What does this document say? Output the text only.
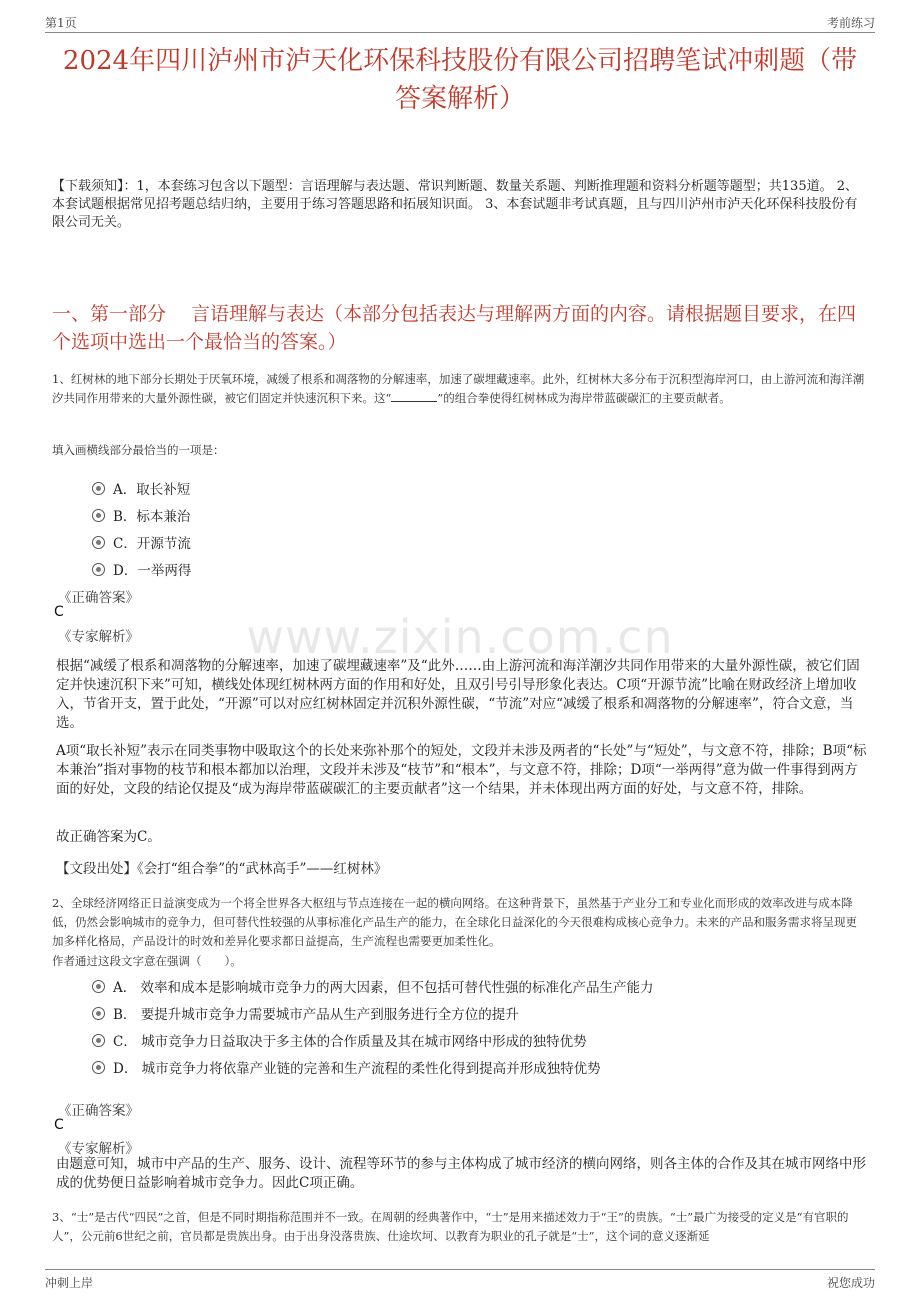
第1页	考前练习
2024年四川泸州市泸天化环保科技股份有限公司招聘笔试冲刺题（带答案解析）
【下载须知】：1，本套练习包含以下题型：言语理解与表达题、常识判断题、数量关系题、判断推理题和资料分析题等题型；共135道。 2、本套试题根据常见招考题总结归纳，主要用于练习答题思路和拓展知识面。 3、本套试题非考试真题，且与四川泸州市泸天化环保科技股份有限公司无关。
一、第一部分　 言语理解与表达（本部分包括表达与理解两方面的内容。请根据题目要求，在四个选项中选出一个最恰当的答案。）
1、红树林的地下部分长期处于厌氧环境，减缓了根系和凋落物的分解速率，加速了碳埋藏速率。此外，红树林大多分布于沉积型海岸河口，由上游河流和海洋潮汐共同作用带来的大量外源性碳，被它们固定并快速沉积下来。这“	”的组合拳使得红树林成为海岸带蓝碳碳汇的主要贡献者。
填入画横线部分最恰当的一项是：
A．取长补短
B．标本兼治
C．开源节流
D．一举两得
《正确答案》
C
《专家解析》
根据“减缓了根系和凋落物的分解速率，加速了碳埋藏速率”及“此外……由上游河流和海洋潮汐共同作用带来的大量外源性碳，被它们固定并快速沉积下来”可知，横线处体现红树林两方面的作用和好处，且双引号引导形象化表达。C项“开源节流”比喻在财政经济上增加收入，节省开支，置于此处，“开源”可以对应红树林固定并沉积外源性碳，“节流”对应“减缓了根系和凋落物的分解速率”，符合文意，当选。
A项“取长补短”表示在同类事物中吸取这个的长处来弥补那个的短处，文段并未涉及两者的“长处”与“短处”，与文意不符，排除；B项“标本兼治”指对事物的枝节和根本都加以治理，文段并未涉及“枝节”和“根本”，与文意不符，排除；D项“一举两得”意为做一件事得到两方面的好处，文段的结论仅提及“成为海岸带蓝碳碳汇的主要贡献者”这一个结果，并未体现出两方面的好处，与文意不符，排除。
故正确答案为C。
【文段出处】《会打“组合拳”的“武林高手”——红树林》
2、全球经济网络正日益演变成为一个将全世界各大枢纽与节点连接在一起的横向网络。在这种背景下，虽然基于产业分工和专业化而形成的效率改进与成本降低，仍然会影响城市的竞争力，但可替代性较强的从事标准化产品生产的能力，在全球化日益深化的今天很难构成核心竞争力。未来的产品和服务需求将呈现更加多样化格局，产品设计的时效和差异化要求都日益提高，生产流程也需要更加柔性化。
作者通过这段文字意在强调（　　）。
A． 效率和成本是影响城市竞争力的两大因素，但不包括可替代性强的标准化产品生产能力
B． 要提升城市竞争力需要城市产品从生产到服务进行全方位的提升
C． 城市竞争力日益取决于多主体的合作质量及其在城市网络中形成的独特优势
D． 城市竞争力将依靠产业链的完善和生产流程的柔性化得到提高并形成独特优势
《正确答案》
C
《专家解析》
由题意可知，城市中产品的生产、服务、设计、流程等环节的参与主体构成了城市经济的横向网络，则各主体的合作及其在城市网络中形成的优势便日益影响着城市竞争力。因此C项正确。
3、“士”是古代“四民”之首，但是不同时期指称范围并不一致。在周朝的经典著作中，“士”是用来描述效力于“王”的贵族。“士”最广为接受的定义是“有官职的人”，公元前6世纪之前，官员都是贵族出身。由于出身没落贵族、仕途坎坷、以教育为职业的孔子就是“士”，这个词的意义逐渐延
www.zixin.com.cn
冲刺上岸	祝您成功
